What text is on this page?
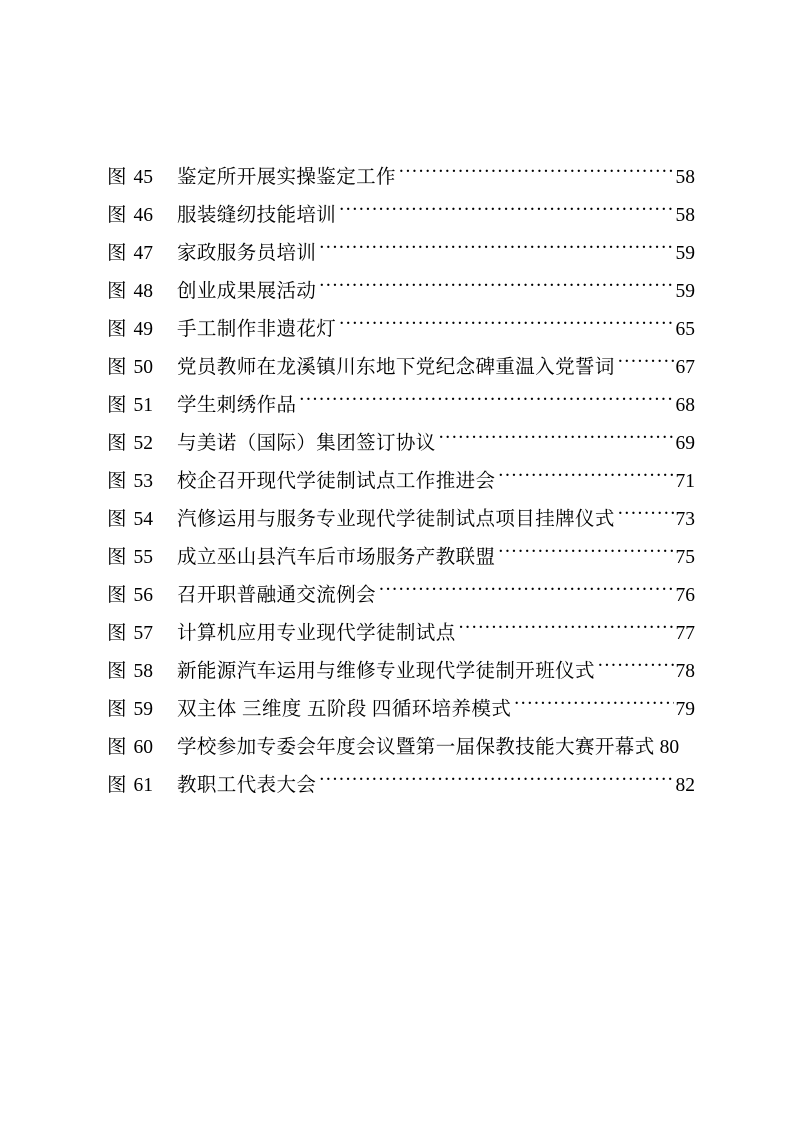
图 45 鉴定所开展实操鉴定工作 .....	58
图 46 服装缝纫技能培训 .....	58
图 47 家政服务员培训 .....	59
图 48 创业成果展活动 .....	59
图 49 手工制作非遗花灯 .....	65
图 50 党员教师在龙溪镇川东地下党纪念碑重温入党誓词 .....	67
图 51 学生刺绣作品 .....	68
图 52 与美诺（国际）集团签订协议 .....	69
图 53 校企召开现代学徒制试点工作推进会 .....	71
图 54 汽修运用与服务专业现代学徒制试点项目挂牌仪式 .....	73
图 55 成立巫山县汽车后市场服务产教联盟 .....	75
图 56 召开职普融通交流例会 .....	76
图 57 计算机应用专业现代学徒制试点 .....	77
图 58 新能源汽车运用与维修专业现代学徒制开班仪式 .....	78
图 59 双主体 三维度 五阶段 四循环培养模式 .....	79
图 60 学校参加专委会年度会议暨第一届保教技能大赛开幕式 80
图 61 教职工代表大会 .....	82
